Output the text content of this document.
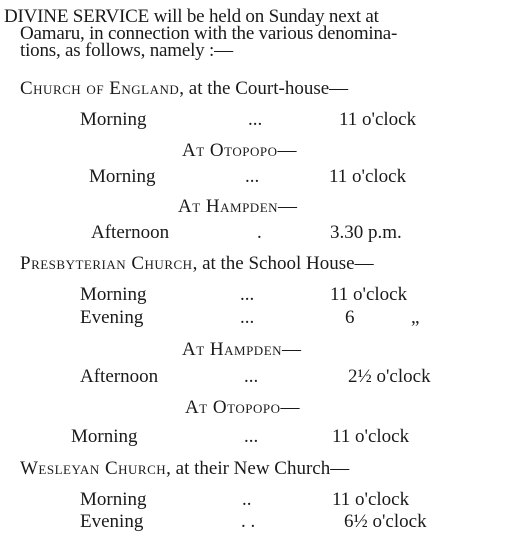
DIVINE SERVICE will be held on Sunday next at
Oamaru, in connection with the various denomina-
tions, as follows, namely :—
Church of England, at the Court-house—
Morning	...	11 o'clock
At Otopopo—
Morning	...	11 o'clock
At Hampden—
Afternoon	.	3.30 p.m.
Presbyterian Church, at the School House—
Morning	...	11 o'clock
Evening	...	6	„
At Hampden—
Afternoon	...	2½ o'clock
At Otopopo—
Morning	...	11 o'clock
Wesleyan Church, at their New Church—
Morning	..	11 o'clock
Evening	. .	6½ o'clock
